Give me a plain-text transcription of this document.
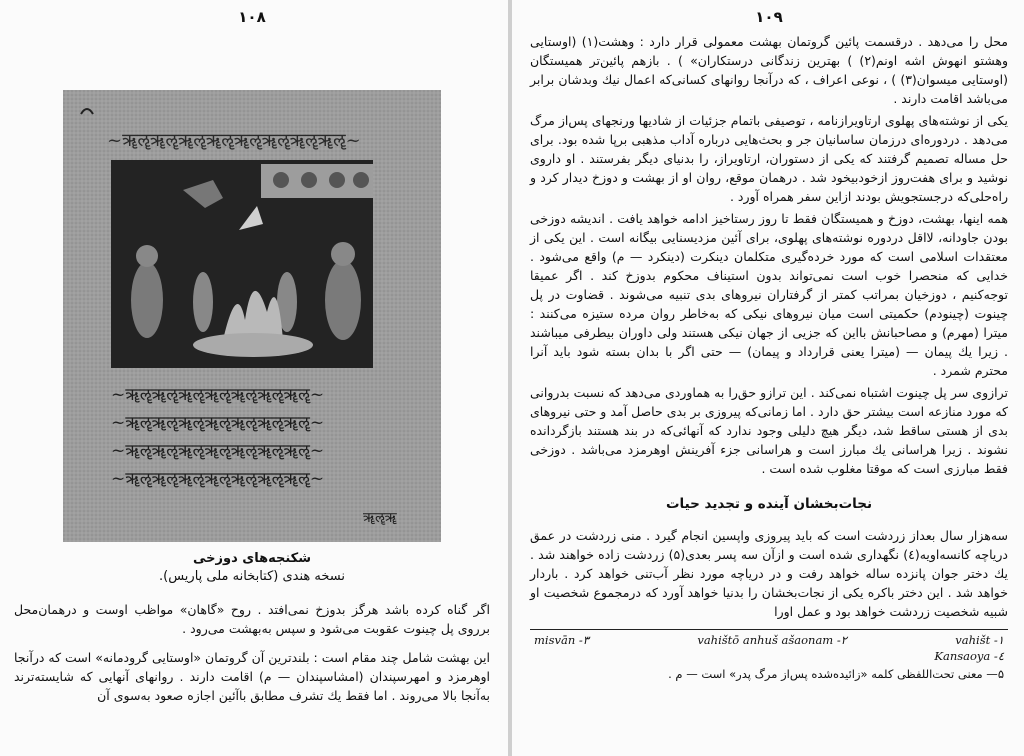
۱۰۸
~ॠॡॠॡॠॡॠॡॠॡॠॡॠॡॠॡ~
~ॠॡॠॡॠॡॠॡॠॡॠॡॠॡ~
~ॠॡॠॡॠॡॠॡॠॡॠॡॠॡ~
~ॠॡॠॡॠॡॠॡॠॡॠॡॠॡ~
~ॠॡॠॡॠॡॠॡॠॡॠॡॠॡ~
ॠॡॠ
شکنجه‌های دوزخی
نسخه هندی (کتابخانه ملی پاریس).

اگر گناه کرده باشد هرگز بدوزخ نمی‌افتد . روح «گاهان» مواظب اوست و درهمان‌محل برروی پل چینوت عقوبت می‌شود و سپس به‌بهشت می‌رود .

این بهشت شامل چند مقام است : بلندترین آن گروتمان «اوستایی گرودمانه» است که درآنجا اوهرمزد و امهرسپندان (امشاسپندان — م) اقامت دارند . روانهای آنهایی که شایسته‌ترند به‌آنجا بالا می‌روند . اما فقط یك تشرف مطابق باآئین اجازه صعود به‌سوی آن

۱۰۹

محل را می‌دهد . درقسمت پائین گروتمان بهشت معمولی قرار دارد : وهشت(۱) (اوستایی وهشتو انهوش اشه اونم(۲) ) بهترین زندگانی درستکاران» ) . بازهم پائین‌تر همیستگان (اوستایی میسوان(۳) ) ، نوعی اعراف ، که درآنجا روانهای کسانی‌که اعمال نیك وبدشان برابر می‌باشد اقامت دارند .

یکی از نوشته‌های پهلوی ارتاویرازنامه ، توصیفی باتمام جزئیات از شادیها ورنجهای پس‌از مرگ می‌دهد . دردوره‌ای درزمان ساسانیان جر و بحث‌هایی درباره آداب مذهبی برپا شده بود. برای حل مساله تصمیم گرفتند که یکی از دستوران، ارتاویراز، را بدنیای دیگر بفرستند . او داروی نوشید و برای هفت‌روز ازخودبیخود شد . درهمان موقع، روان او از بهشت و دوزخ دیدار کرد و راه‌حلی‌که درجستجویش بودند ازاین سفر همراه آورد .

همه اینها، بهشت، دوزخ و همیستگان فقط تا روز رستاخیز ادامه خواهد یافت . اندیشه دوزخی بودن جاودانه، لااقل دردوره نوشته‌های پهلوی، برای آئین مزدیسنایی بیگانه است . این یکی از معتقدات اسلامی است که مورد خرده‌گیری متکلمان دینکرت (دینکرد — م) واقع می‌شود . خدایی که منحصرا خوب است نمی‌تواند بدون استیناف محکوم بدوزخ کند . اگر عمیقا توجه‌کنیم ، دوزخیان بمراتب کمتر از گرفتاران نیروهای بدی تنبیه می‌شوند . قضاوت در پل چینوت (چینودم) حکمیتی است میان نیروهای نیکی که به‌خاطر روان مرده ستیزه می‌کنند : میترا (مهرم) و مصاحبانش بااین که جزیی از جهان نیکی هستند ولی داوران بیطرفی میباشند . زیرا یك پیمان — (میترا یعنی قرارداد و پیمان) — حتی اگر با بدان بسته شود باید آنرا محترم شمرد .

ترازوی سر پل چینوت اشتباه نمی‌کند . این ترازو حق‌را به هماوردی می‌دهد که نسبت بدروانی که مورد منازعه است بیشتر حق دارد . اما زمانی‌که پیروزی بر بدی حاصل آمد و حتی نیروهای بدی از هستی ساقط شد، دیگر هیچ دلیلی وجود ندارد که آنهائی‌که در بند هستند بازگردانده نشوند . زیرا هراسانی یك مبارز است و هراسانی جزء آفرینش اوهرمزد می‌باشد . دوزخی فقط مبارزی است که موقتا مغلوب شده است .

نجات‌بخشان آینده و تجدید حیات

سه‌هزار سال بعداز زردشت است که باید پیروزی واپسین انجام گیرد . منی زردشت در عمق دریاچه کانسه‌اویه(٤) نگهداری شده است و ازآن سه پسر بعدی(۵) زردشت زاده خواهند شد . یك دختر جوان پانزده ساله خواهد رفت و در دریاچه مورد نظر آب‌تنی خواهد کرد . باردار خواهد شد . این دختر باکره یکی از نجات‌بخشان را بدنیا خواهد آورد که درمجموع شخصیت او شبیه شخصیت زردشت خواهد بود و عمل اورا

misvān -۳	vahištō anhuš ašaonam -۲	vahišt -۱
Kansaoya -٤
۵— معنی تحت‌اللفظی کلمه «زائیده‌شده پس‌از مرگ پدر» است — م .
